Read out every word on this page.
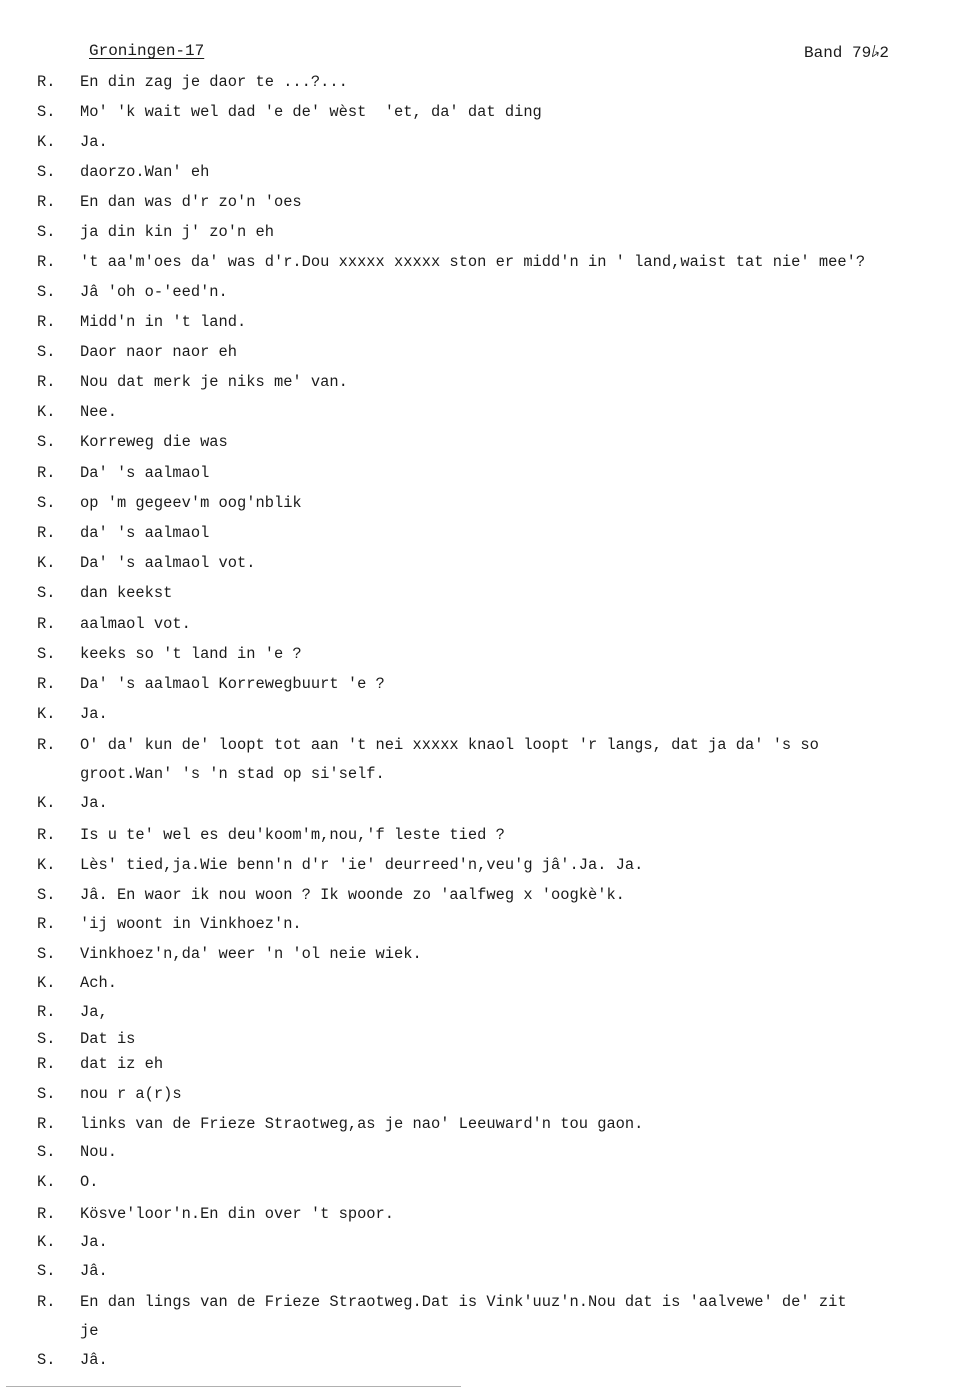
Groningen-17	Band 79⭞2
R.	En din zag je daor te ...?...
S.	Mo' 'k wait wel dad 'e de' wèst  'et, da' dat ding
K.	Ja.
S.	daorzo.Wan' eh
R.	En dan was d'r zo'n 'oes
S.	ja din kin j' zo'n eh
R.	't aa'm'oes da' was d'r.Dou xxxxx xxxxx ston er midd'n in ' land,waist tat nie' mee'?
S.	Jâ 'oh o-'eed'n.
R.	Midd'n in 't land.
S.	Daor naor naor eh
R.	Nou dat merk je niks me' van.
K.	Nee.
S.	Korreweg die was
R.	Da' 's aalmaol
S.	op 'm gegeev'm oog'nblik
R.	da' 's aalmaol
K.	Da' 's aalmaol vot.
S.	dan keekst
R.	aalmaol vot.
S.	keeks so 't land in 'e ?
R.	Da' 's aalmaol Korrewegbuurt 'e ?
K.	Ja.
R.	O' da' kun de' loopt tot aan 't nei xxxxx knaol loopt 'r langs, dat ja da' 's so
groot.Wan' 's 'n stad op si'self.
K.	Ja.
R.	Is u te' wel es deu'koom'm,nou,'f leste tied ?
K.	Lès' tied,ja.Wie benn'n d'r 'ie' deurreed'n,veu'g jâ'.Ja. Ja.
S.	Jâ. En waor ik nou woon ? Ik woonde zo 'aalfweg x 'oogkè'k.
R.	'ij woont in Vinkhoez'n.
S.	Vinkhoez'n,da' weer 'n 'ol neie wiek.
K.	Ach.
R.	Ja,
S.	Dat is
R.	dat iz eh
S.	nou r a(r)s
R.	links van de Frieze Straotweg,as je nao' Leeuward'n tou gaon.
S.	Nou.
K.	O.
R.	Kösve'loor'n.En din over 't spoor.
K.	Ja.
S.	Jâ.
R.	En dan lings van de Frieze Straotweg.Dat is Vink'uuz'n.Nou dat is 'aalvewe' de' zit
je
S.	Jâ.
